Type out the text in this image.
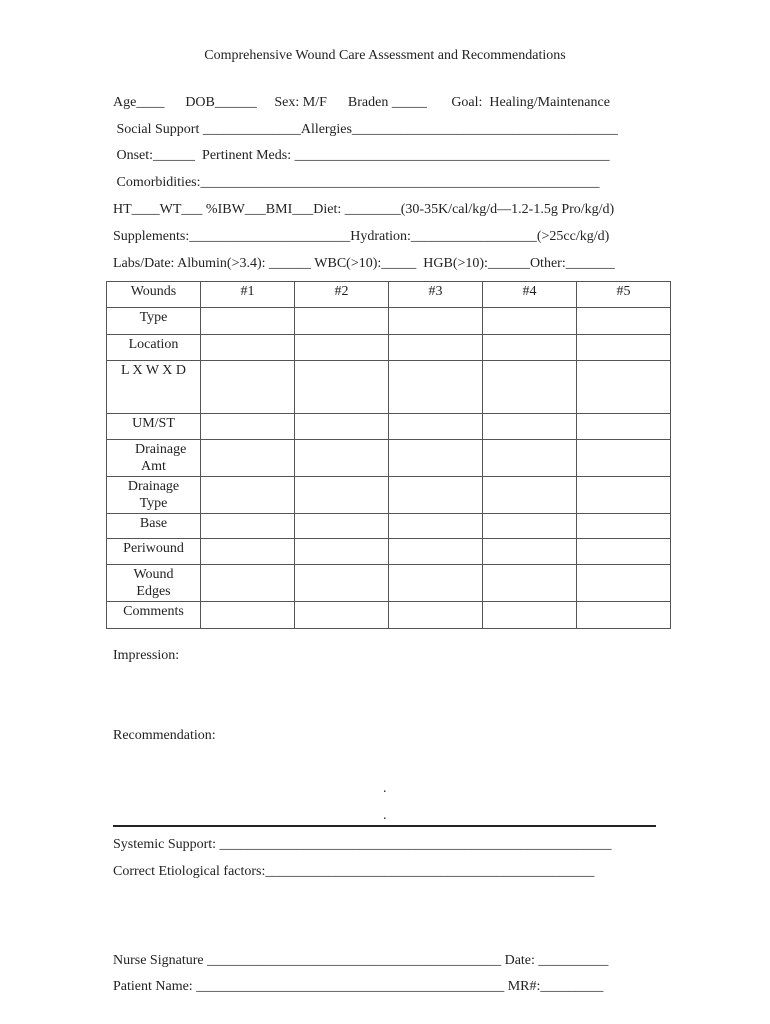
Comprehensive Wound Care Assessment and Recommendations
Age____      DOB______     Sex: M/F      Braden _____       Goal:  Healing/Maintenance
Social Support ______________Allergies______________________________________
Onset:______  Pertinent Meds: _____________________________________________
Comorbidities:_________________________________________________________
HT____WT___ %IBW___BMI___Diet: ________(30-35K/cal/kg/d—1.2-1.5g Pro/kg/d)
Supplements:_______________________Hydration:__________________(>25cc/kg/d)
Labs/Date: Albumin(>3.4): ______ WBC(>10):_____  HGB(>10):______Other:_______
Wounds	#1	#2	#3	#4	#5
Type					
Location					
L X W X D					
UM/ST					
Drainage Amt					
Drainage Type					
Base					
Periwound					
Wound Edges					
Comments					
Impression:
Recommendation:
.
.
Systemic Support: ________________________________________________________
Correct Etiological factors:_______________________________________________
Nurse Signature __________________________________________ Date: __________
Patient Name: ____________________________________________ MR#:_________
